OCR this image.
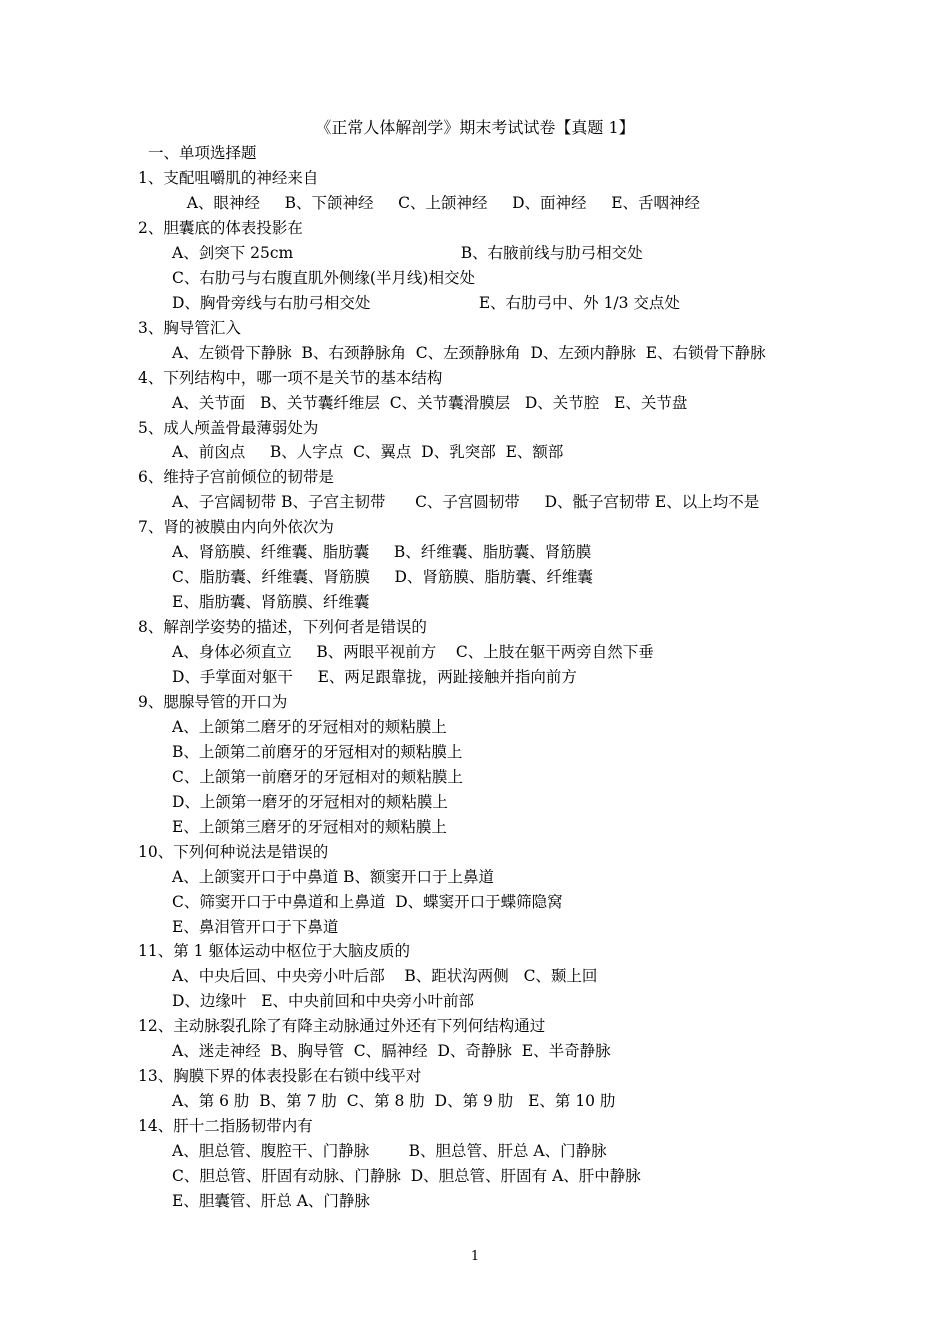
《正常人体解剖学》期末考试试卷【真题 1】
一、单项选择题
1、支配咀嚼肌的神经来自
A、眼神经     B、下颌神经     C、上颌神经     D、面神经     E、舌咽神经
2、胆囊底的体表投影在
A、剑突下 25cm                                  B、右腋前线与肋弓相交处
C、右肋弓与右腹直肌外侧缘(半月线)相交处
D、胸骨旁线与右肋弓相交处                      E、右肋弓中、外 1/3 交点处
3、胸导管汇入
A、左锁骨下静脉  B、右颈静脉角  C、左颈静脉角  D、左颈内静脉  E、右锁骨下静脉
4、下列结构中，哪一项不是关节的基本结构
A、关节面   B、关节囊纤维层  C、关节囊滑膜层   D、关节腔   E、关节盘
5、成人颅盖骨最薄弱处为
A、前囟点     B、人字点  C、翼点  D、乳突部  E、额部
6、维持子宫前倾位的韧带是
A、子宫阔韧带 B、子宫主韧带      C、子宫圆韧带     D、骶子宫韧带 E、以上均不是
7、肾的被膜由内向外依次为
A、肾筋膜、纤维囊、脂肪囊     B、纤维囊、脂肪囊、肾筋膜
C、脂肪囊、纤维囊、肾筋膜     D、肾筋膜、脂肪囊、纤维囊
E、脂肪囊、肾筋膜、纤维囊
8、解剖学姿势的描述，下列何者是错误的
A、身体必须直立     B、两眼平视前方    C、上肢在躯干两旁自然下垂
D、手掌面对躯干     E、两足跟靠拢，两趾接触并指向前方
9、腮腺导管的开口为
A、上颌第二磨牙的牙冠相对的颊粘膜上
B、上颌第二前磨牙的牙冠相对的颊粘膜上
C、上颌第一前磨牙的牙冠相对的颊粘膜上
D、上颌第一磨牙的牙冠相对的颊粘膜上
E、上颌第三磨牙的牙冠相对的颊粘膜上
10、下列何种说法是错误的
A、上颌窦开口于中鼻道 B、额窦开口于上鼻道
C、筛窦开口于中鼻道和上鼻道  D、蝶窦开口于蝶筛隐窝
E、鼻泪管开口于下鼻道
11、第 1 躯体运动中枢位于大脑皮质的
A、中央后回、中央旁小叶后部    B、距状沟两侧   C、颞上回
D、边缘叶   E、中央前回和中央旁小叶前部
12、主动脉裂孔除了有降主动脉通过外还有下列何结构通过
A、迷走神经  B、胸导管  C、膈神经  D、奇静脉  E、半奇静脉
13、胸膜下界的体表投影在右锁中线平对
A、第 6 肋  B、第 7 肋  C、第 8 肋  D、第 9 肋   E、第 10 肋
14、肝十二指肠韧带内有
A、胆总管、腹腔干、门静脉        B、胆总管、肝总 A、门静脉
C、胆总管、肝固有动脉、门静脉  D、胆总管、肝固有 A、肝中静脉
E、胆囊管、肝总 A、门静脉
1
